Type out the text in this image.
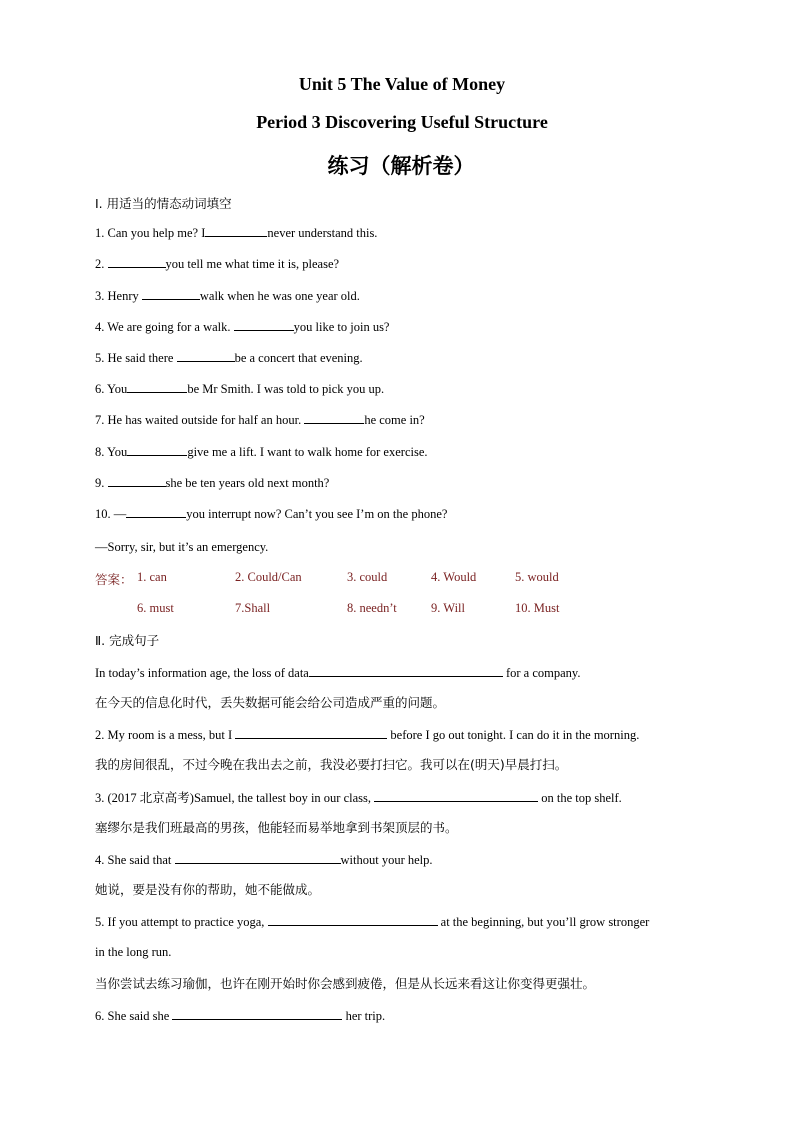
Unit 5 The Value of Money
Period 3 Discovering Useful Structure
练习（解析卷）
Ⅰ. 用适当的情态动词填空
1. Can you help me? I	never understand this.
2.	you tell me what time it is, please?
3. Henry	walk when he was one year old.
4. We are going for a walk.	you like to join us?
5. He said there	be a concert that evening.
6. You	be Mr Smith. I was told to pick you up.
7. He has waited outside for half an hour.	he come in?
8. You	give me a lift. I want to walk home for exercise.
9.	she be ten years old next month?
10. —	you interrupt now? Can’t you see I’m on the phone?
—Sorry, sir, but it’s an emergency.
答案： 1. can	2. Could/Can	3. could	4. Would	5. would
6. must	7.Shall	8. needn’t	9. Will	10. Must
Ⅱ. 完成句子
In today’s information age, the loss of data	for a company.
在今天的信息化时代，丢失数据可能会给公司造成严重的问题。
2. My room is a mess, but I	before I go out tonight. I can do it in the morning.
我的房间很乱，不过今晚在我出去之前，我没必要打扫它。我可以在(明天)早晨打扫。
3. (2017 北京高考)Samuel, the tallest boy in our class,	on the top shelf.
塞缪尔是我们班最高的男孩，他能轻而易举地拿到书架顶层的书。
4. She said that	without your help.
她说，要是没有你的帮助，她不能做成。
5. If you attempt to practice yoga,	at the beginning, but you’ll grow stronger
in the long run.
当你尝试去练习瑜伽，也许在刚开始时你会感到疲倦，但是从长远来看这让你变得更强壮。
6. She said she	her trip.
